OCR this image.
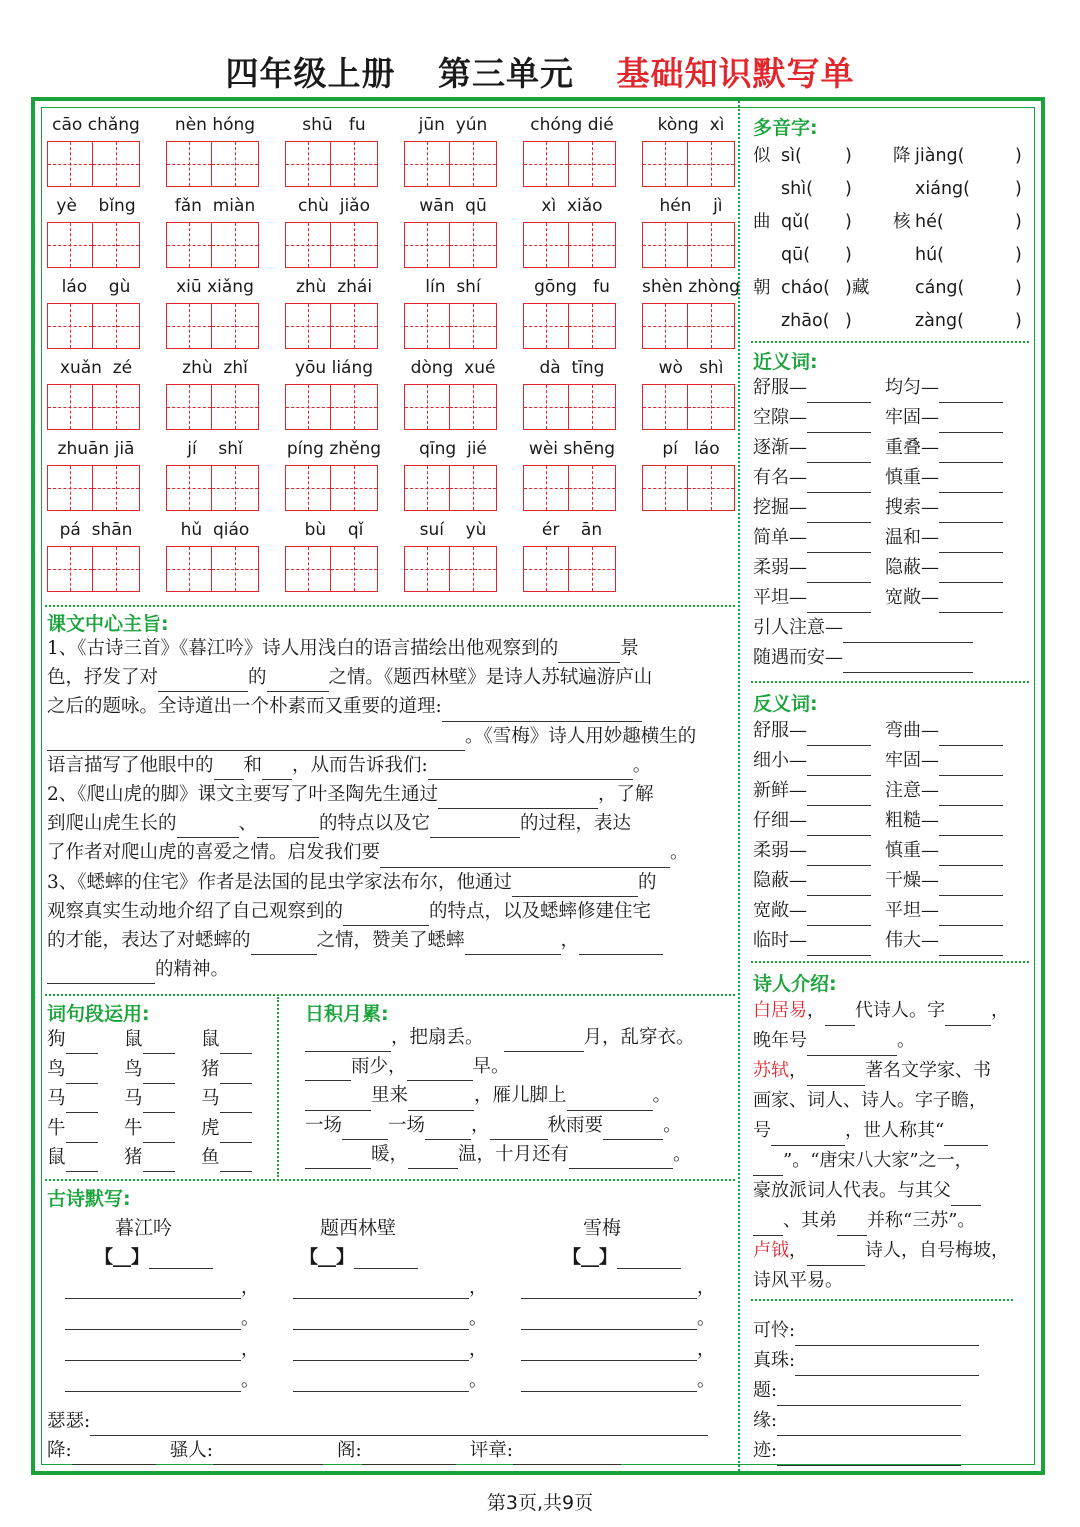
四年级上册 第三单元 基础知识默写单
cāo chǎng	nèn hóng	shū   fu	jūn  yún	chóng dié	kòng  xì
yè    bǐng	fǎn  miàn	chù  jiǎo	wān  qū	xì  xiǎo	hén    jì
láo    gù	xiū xiǎng	zhù  zhái	lín  shí	gōng   fu	shèn zhòng
xuǎn  zé	zhù  zhǐ	yōu liáng	dòng  xué	dà  tīng	wò   shì
zhuān jiā	jí    shǐ	píng zhěng	qīng  jié	wèi shēng	pí   láo
pá  shān	hǔ  qiáo	bù    qǐ	suí    yù	ér    ān
课文中心主旨:
1、《古诗三首》《暮江吟》诗人用浅白的语言描绘出他观察到的	景
色，抒发了对	的	之情。《题西林壁》是诗人苏轼遍游庐山
之后的题咏。全诗道出一个朴素而又重要的道理:
。《雪梅》诗人用妙趣横生的
语言描写了他眼中的 和 ，从而告诉我们:	。
2、《爬山虎的脚》课文主要写了叶圣陶先生通过	，了解
到爬山虎生长的	、	的特点以及它	的过程，表达
了作者对爬山虎的喜爱之情。启发我们要	。
3、《蟋蟀的住宅》作者是法国的昆虫学家法布尔，他通过	的
观察真实生动地介绍了自己观察到的	的特点，以及蟋蟀修建住宅
的才能，表达了对蟋蟀的	之情，赞美了蟋蟀	，
的精神。
词句段运用:
狗	鼠	鼠
鸟	鸟	猪
马	马	马
牛	牛	虎
鼠	猪	鱼
日积月累:
，把扇丢。	月，乱穿衣。
雨少，	早。
里来	，雁儿脚上	。
一场 一场 ，	秋雨要	。
暖，	温，十月还有	。
古诗默写:
暮江吟
【__】
，
。
，
。
题西林壁
【__】
，
。
，
。
雪梅
【__】
，
。
，
。
瑟瑟:
降:	骚人:	阁:	评章:
多音字:
似 sì( ) 降 jiàng(	)
shì( )	xiáng(	)
曲 qǔ( ) 核 hé(	)
qū( )	hú(	)
朝 cháo( )藏	cáng(	)
zhāo( )	zàng(	)
近义词:
舒服—	均匀—
空隙—	牢固—
逐渐—	重叠—
有名—	慎重—
挖掘—	搜索—
简单—	温和—
柔弱—	隐蔽—
平坦—	宽敞—
引人注意—
随遇而安—
反义词:
舒服—	弯曲—
细小—	牢固—
新鲜—	注意—
仔细—	粗糙—
柔弱—	慎重—
隐蔽—	干燥—
宽敞—	平坦—
临时—	伟大—
诗人介绍:
白居易， 代诗人。字	，
晚年号	。
苏轼，	著名文学家、书
画家、词人、诗人。字子瞻，
号	，世人称其“
”。“唐宋八大家”之一，
豪放派词人代表。与其父
、其弟 并称“三苏”。
卢钺，	诗人，自号梅坡，
诗风平易。
可怜:
真珠:
题:
缘:
迹:
第3页,共9页
